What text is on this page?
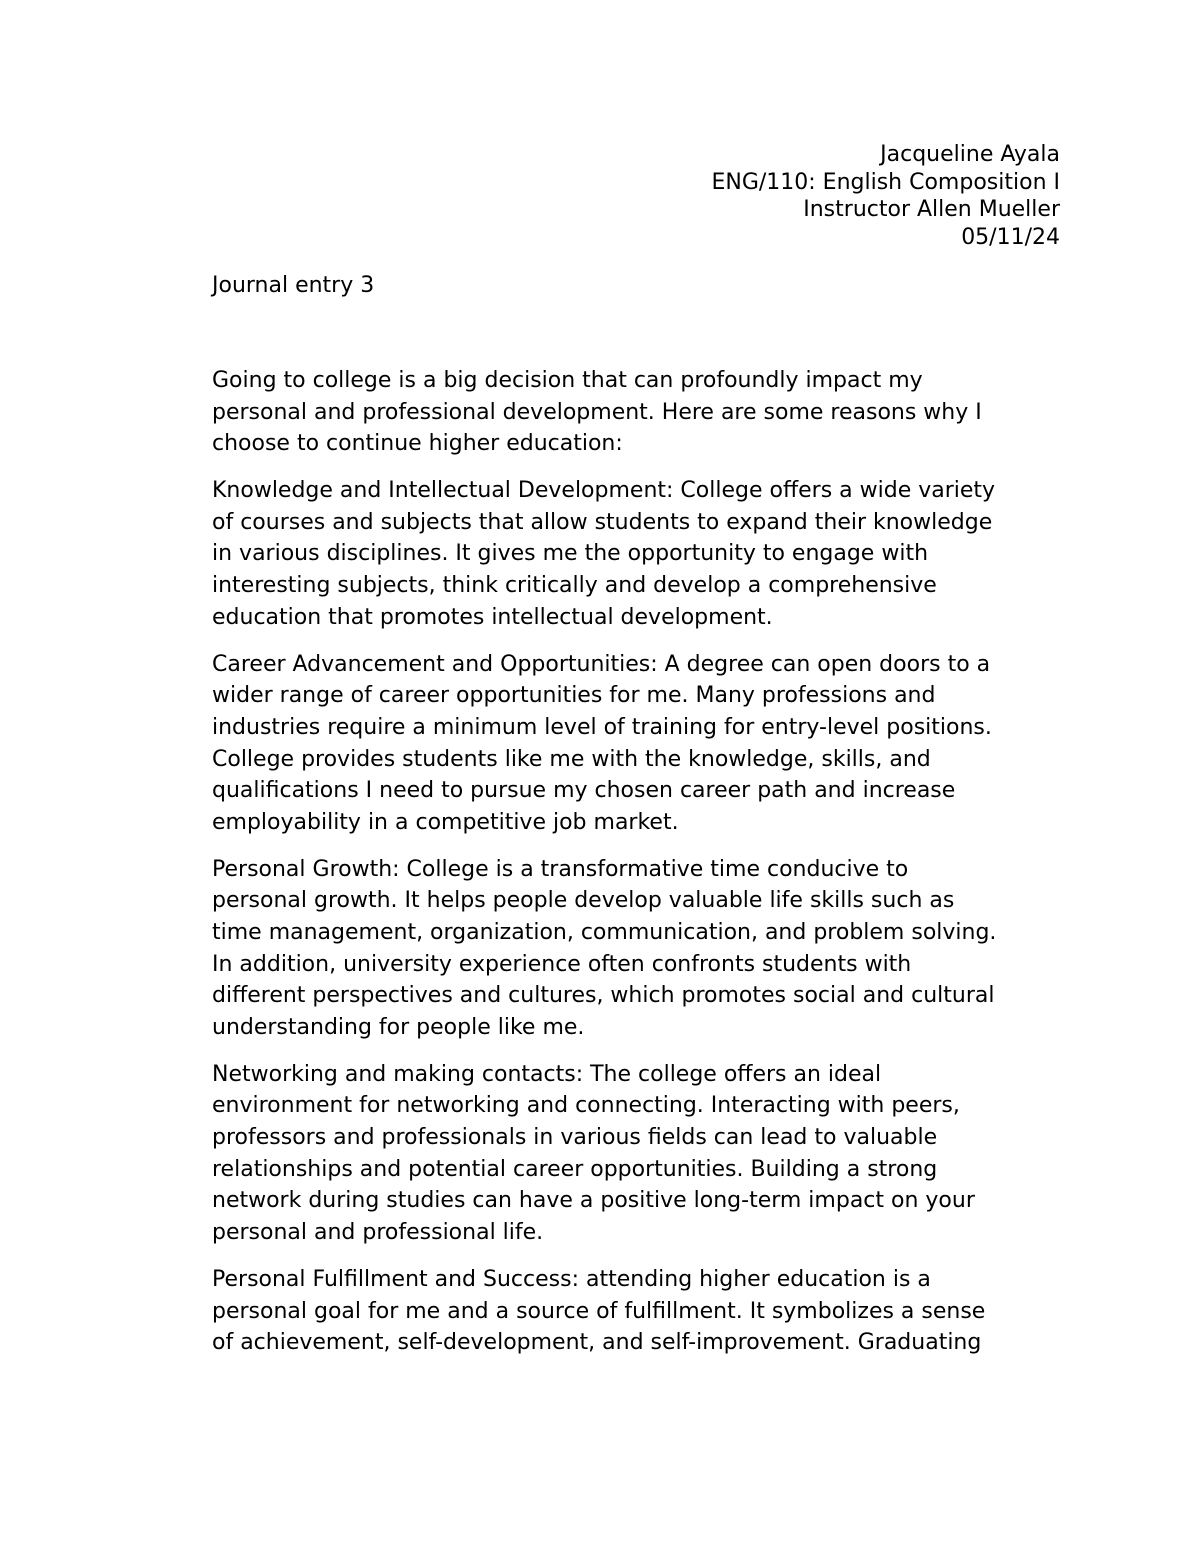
Jacqueline Ayala
ENG/110: English Composition I
Instructor Allen Mueller
05/11/24
Journal entry 3

Going to college is a big decision that can profoundly impact my
personal and professional development. Here are some reasons why I
choose to continue higher education:

Knowledge and Intellectual Development: College offers a wide variety
of courses and subjects that allow students to expand their knowledge
in various disciplines. It gives me the opportunity to engage with
interesting subjects, think critically and develop a comprehensive
education that promotes intellectual development.

Career Advancement and Opportunities: A degree can open doors to a
wider range of career opportunities for me. Many professions and
industries require a minimum level of training for entry-level positions.
College provides students like me with the knowledge, skills, and
qualifications I need to pursue my chosen career path and increase
employability in a competitive job market.

Personal Growth: College is a transformative time conducive to
personal growth. It helps people develop valuable life skills such as
time management, organization, communication, and problem solving.
In addition, university experience often confronts students with
different perspectives and cultures, which promotes social and cultural
understanding for people like me.

Networking and making contacts: The college offers an ideal
environment for networking and connecting. Interacting with peers,
professors and professionals in various fields can lead to valuable
relationships and potential career opportunities. Building a strong
network during studies can have a positive long-term impact on your
personal and professional life.

Personal Fulfillment and Success: attending higher education is a
personal goal for me and a source of fulfillment. It symbolizes a sense
of achievement, self-development, and self-improvement. Graduating
